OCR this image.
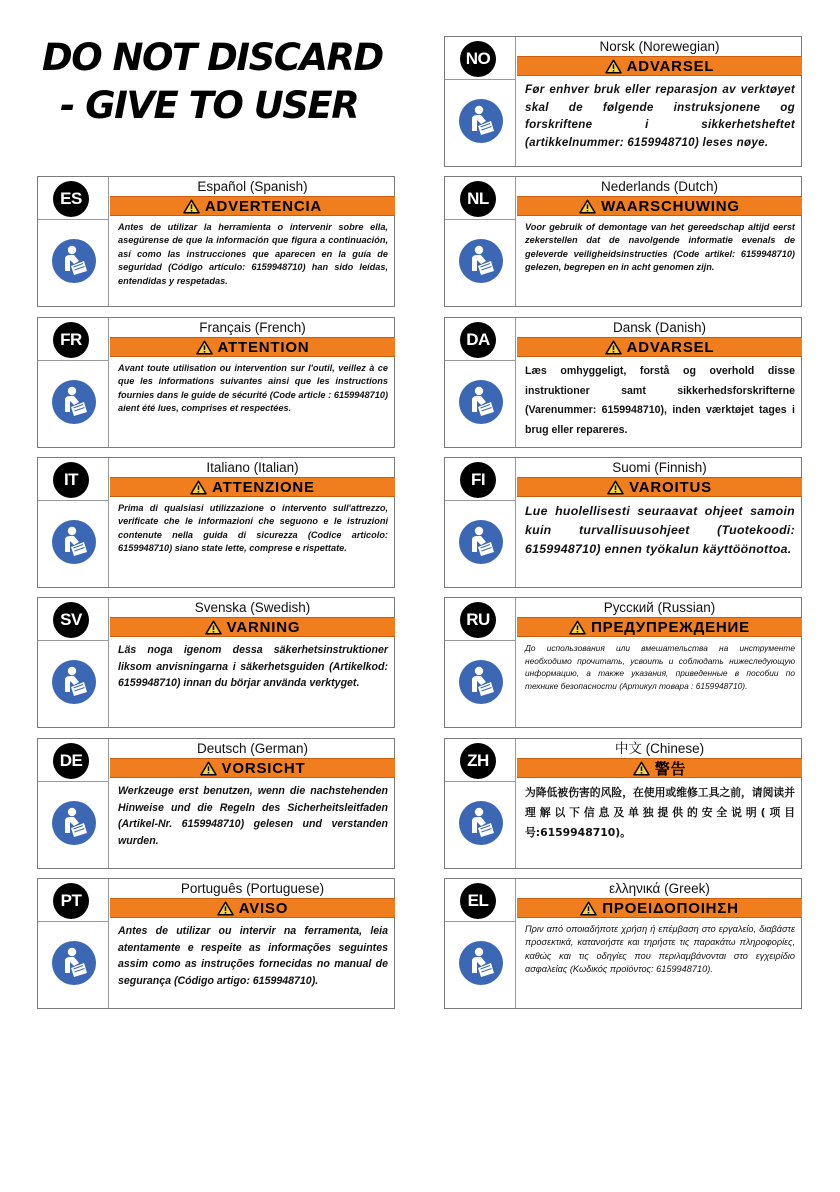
DO NOT DISCARD
- GIVE TO USER
NO
Norsk (Norewegian)
ADVARSEL
Før enhver bruk eller reparasjon av verktøyet skal de følgende instruksjonene og forskriftene i sikkerhetsheftet (artikkelnummer: 6159948710) leses nøye.
ES
Español (Spanish)
ADVERTENCIA
Antes de utilizar la herramienta o intervenir sobre ella, asegúrense de que la información que figura a continuación, así como las instrucciones que aparecen en la guía de seguridad (Código artículo: 6159948710) han sido leídas, entendidas y respetadas.
NL
Nederlands (Dutch)
WAARSCHUWING
Voor gebruik of demontage van het gereedschap altijd eerst zekerstellen dat de navolgende informatie evenals de geleverde veiligheidsinstructies (Code artikel: 6159948710) gelezen, begrepen en in acht genomen zijn.
FR
Français (French)
ATTENTION
Avant toute utilisation ou intervention sur l'outil, veillez à ce que les informations suivantes ainsi que les instructions fournies dans le guide de sécurité (Code article : 6159948710) aient été lues, comprises et respectées.
DA
Dansk (Danish)
ADVARSEL
Læs omhyggeligt, forstå og overhold disse instruktioner samt sikkerhedsforskrifterne (Varenummer: 6159948710), inden værktøjet tages i brug eller repareres.
IT
Italiano (Italian)
ATTENZIONE
Prima di qualsiasi utilizzazione o intervento sull'attrezzo, verificate che le informazioni che seguono e le istruzioni contenute nella guida di sicurezza (Codice articolo: 6159948710) siano state lette, comprese e rispettate.
FI
Suomi (Finnish)
VAROITUS
Lue huolellisesti seuraavat ohjeet samoin kuin turvallisuusohjeet (Tuotekoodi: 6159948710) ennen työkalun käyttöönottoa.
SV
Svenska (Swedish)
VARNING
Läs noga igenom dessa säkerhetsinstruktioner liksom anvisningarna i säkerhetsguiden (Artikelkod: 6159948710) innan du börjar använda verktyget.
RU
Русский (Russian)
ПРЕДУПРЕЖДЕНИЕ
До использования или вмешательства на инструменте необходимо прочитать, усвоить и соблюдать нижеследующую информацию, а также указания, приведенные в пособии по технике безопасности (Артикул товара : 6159948710).
DE
Deutsch (German)
VORSICHT
Werkzeuge erst benutzen, wenn die nachstehenden Hinweise und die Regeln des Sicherheitsleitfaden (Artikel-Nr. 6159948710) gelesen und verstanden wurden.
ZH
中文 (Chinese)
警告
为降低被伤害的风险，在使用或维修工具之前，请阅读并理解以下信息及单独提供的安全说明(项目号:6159948710)。
PT
Português (Portuguese)
AVISO
Antes de utilizar ou intervir na ferramenta, leia atentamente e respeite as informações seguintes assim como as instruções fornecidas no manual de segurança (Código artigo: 6159948710).
EL
ελληνικά (Greek)
ΠΡΟΕΙΔΟΠΟΙΗΣΗ
Πριν από οποιαδήποτε χρήση ή επέμβαση στο εργαλείο, διαβάστε προσεκτικά, κατανοήστε και τηρήστε τις παρακάτω πληροφορίες, καθώς και τις οδηγίες που περιλαμβάνονται στο εγχειρίδιο ασφαλείας (Κωδικός προϊόντος: 6159948710).
